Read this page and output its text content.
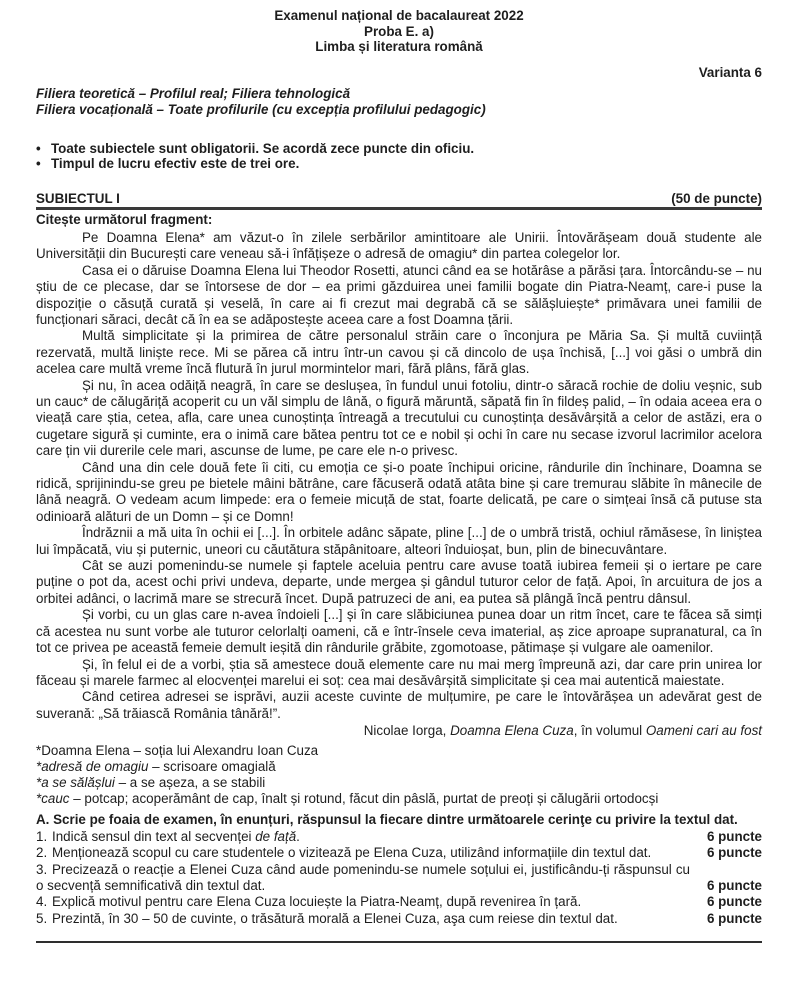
Examenul național de bacalaureat 2022
Proba E. a)
Limba și literatura română
Varianta 6
Filiera teoretică – Profilul real; Filiera tehnologică
Filiera vocațională – Toate profilurile (cu excepția profilului pedagogic)
• Toate subiectele sunt obligatorii. Se acordă zece puncte din oficiu.
• Timpul de lucru efectiv este de trei ore.
SUBIECTUL I	(50 de puncte)
Citește următorul fragment:

Pe Doamna Elena* am văzut-o în zilele serbărilor amintitoare ale Unirii. Întovărășeam două studente ale Universității din București care veneau să-i înfățișeze o adresă de omagiu* din partea colegelor lor.

Casa ei o dăruise Doamna Elena lui Theodor Rosetti, atunci când ea se hotărâse a părăsi țara. Întorcându-se – nu știu de ce plecase, dar se întorsese de dor – ea primi găzduirea unei familii bogate din Piatra-Neamț, care-i puse la dispoziție o căsuță curată și veselă, în care ai fi crezut mai degrabă că se sălășluiește* primăvara unei familii de funcționari săraci, decât că în ea se adăpostește aceea care a fost Doamna țării.

Multă simplicitate și la primirea de către personalul străin care o înconjura pe Măria Sa. Și multă cuviință rezervată, multă liniște rece. Mi se părea că intru într-un cavou și că dincolo de ușa închisă, [...] voi găsi o umbră din acelea care multă vreme încă flutură în jurul mormintelor mari, fără plâns, fără glas.

Și nu, în acea odăiță neagră, în care se deslușea, în fundul unui fotoliu, dintr-o săracă rochie de doliu veșnic, sub un cauc* de călugăriță acoperit cu un văl simplu de lână, o figură măruntă, săpată fin în fildeș palid, – în odaia aceea era o vieață care știa, cetea, afla, care unea cunoștința întreagă a trecutului cu cunoștința desăvârșită a celor de astăzi, era o cugetare sigură și cuminte, era o inimă care bătea pentru tot ce e nobil și ochi în care nu secase izvorul lacrimilor acelora care țin vii durerile cele mari, ascunse de lume, pe care ele n-o privesc.

Când una din cele două fete îi citi, cu emoția ce și-o poate închipui oricine, rândurile din închinare, Doamna se ridică, sprijinindu-se greu pe bietele mâini bătrâne, care făcuseră odată atâta bine și care tremurau slăbite în mânecile de lână neagră. O vedeam acum limpede: era o femeie micuță de stat, foarte delicată, pe care o simțeai însă că putuse sta odinioară alături de un Domn – și ce Domn!

Îndrăznii a mă uita în ochii ei [...]. În orbitele adânc săpate, pline [...] de o umbră tristă, ochiul rămăsese, în liniștea lui împăcată, viu și puternic, uneori cu căutătura stăpânitoare, alteori înduioșat, bun, plin de binecuvântare.

Cât se auzi pomenindu-se numele și faptele aceluia pentru care avuse toată iubirea femeii și o iertare pe care puține o pot da, acest ochi privi undeva, departe, unde mergea și gândul tuturor celor de față. Apoi, în arcuitura de jos a orbitei adânci, o lacrimă mare se strecură încet. După patruzeci de ani, ea putea să plângă încă pentru dânsul.

Și vorbi, cu un glas care n-avea îndoieli [...] și în care slăbiciunea punea doar un ritm încet, care te făcea să simți că acestea nu sunt vorbe ale tuturor celorlalți oameni, că e într-însele ceva imaterial, aș zice aproape supranatural, ca în tot ce privea pe această femeie demult ieșită din rândurile grăbite, zgomotoase, pătimașe și vulgare ale oamenilor.

Și, în felul ei de a vorbi, știa să amestece două elemente care nu mai merg împreună azi, dar care prin unirea lor făceau și marele farmec al elocvenței marelui ei soț: cea mai desăvârșită simplicitate și cea mai autentică maiestate.

Când cetirea adresei se isprăvi, auzii aceste cuvinte de mulțumire, pe care le întovărășea un adevărat gest de suverană: „Să trăiască România tânără!”.

Nicolae Iorga, Doamna Elena Cuza, în volumul Oameni cari au fost
*Doamna Elena – soția lui Alexandru Ioan Cuza
*adresă de omagiu – scrisoare omagială
*a se sălășlui – a se așeza, a se stabili
*cauc – potcap; acoperământ de cap, înalt și rotund, făcut din pâslă, purtat de preoți și călugării ortodocși
A. Scrie pe foaia de examen, în enunțuri, răspunsul la fiecare dintre următoarele cerinţe cu privire la textul dat.
1. Indică sensul din text al secvenței de față.	6 puncte
2. Menționează scopul cu care studentele o vizitează pe Elena Cuza, utilizând informațiile din textul dat.	6 puncte
3. Precizează o reacție a Elenei Cuza când aude pomenindu-se numele soțului ei, justificându-ți răspunsul cu o secvență semnificativă din textul dat.	6 puncte
4. Explică motivul pentru care Elena Cuza locuiește la Piatra-Neamț, după revenirea în țară.	6 puncte
5. Prezintă, în 30 – 50 de cuvinte, o trăsătură morală a Elenei Cuza, aşa cum reiese din textul dat.	6 puncte
